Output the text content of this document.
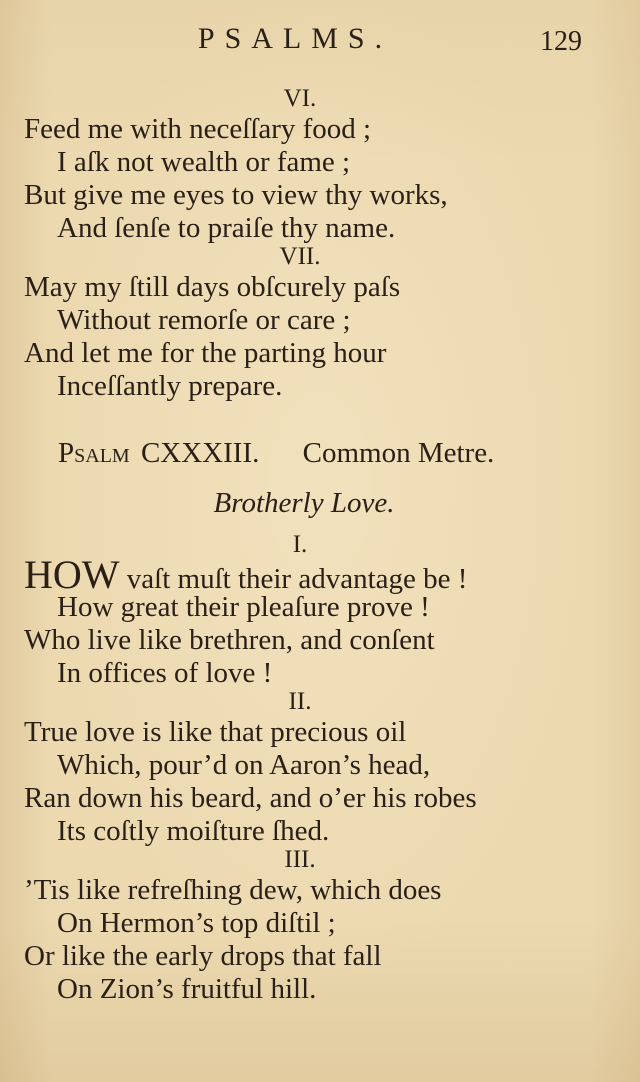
PSALMS.	129
VI.
Feed me with neceſſary food ;
I aſk not wealth or fame ;
But give me eyes to view thy works,
And ſenſe to praiſe thy name.
VII.
May my ſtill days obſcurely paſs
Without remorſe or care ;
And let me for the parting hour
Inceſſantly prepare.
Psalm CXXXIII. Common Metre.
Brotherly Love.
I.
HOW vaſt muſt their advantage be !
How great their pleaſure prove !
Who live like brethren, and conſent
In offices of love !
II.
True love is like that precious oil
Which, pour’d on Aaron’s head,
Ran down his beard, and o’er his robes
Its coſtly moiſture ſhed.
III.
’Tis like refreſhing dew, which does
On Hermon’s top diſtil ;
Or like the early drops that fall
On Zion’s fruitful hill.
